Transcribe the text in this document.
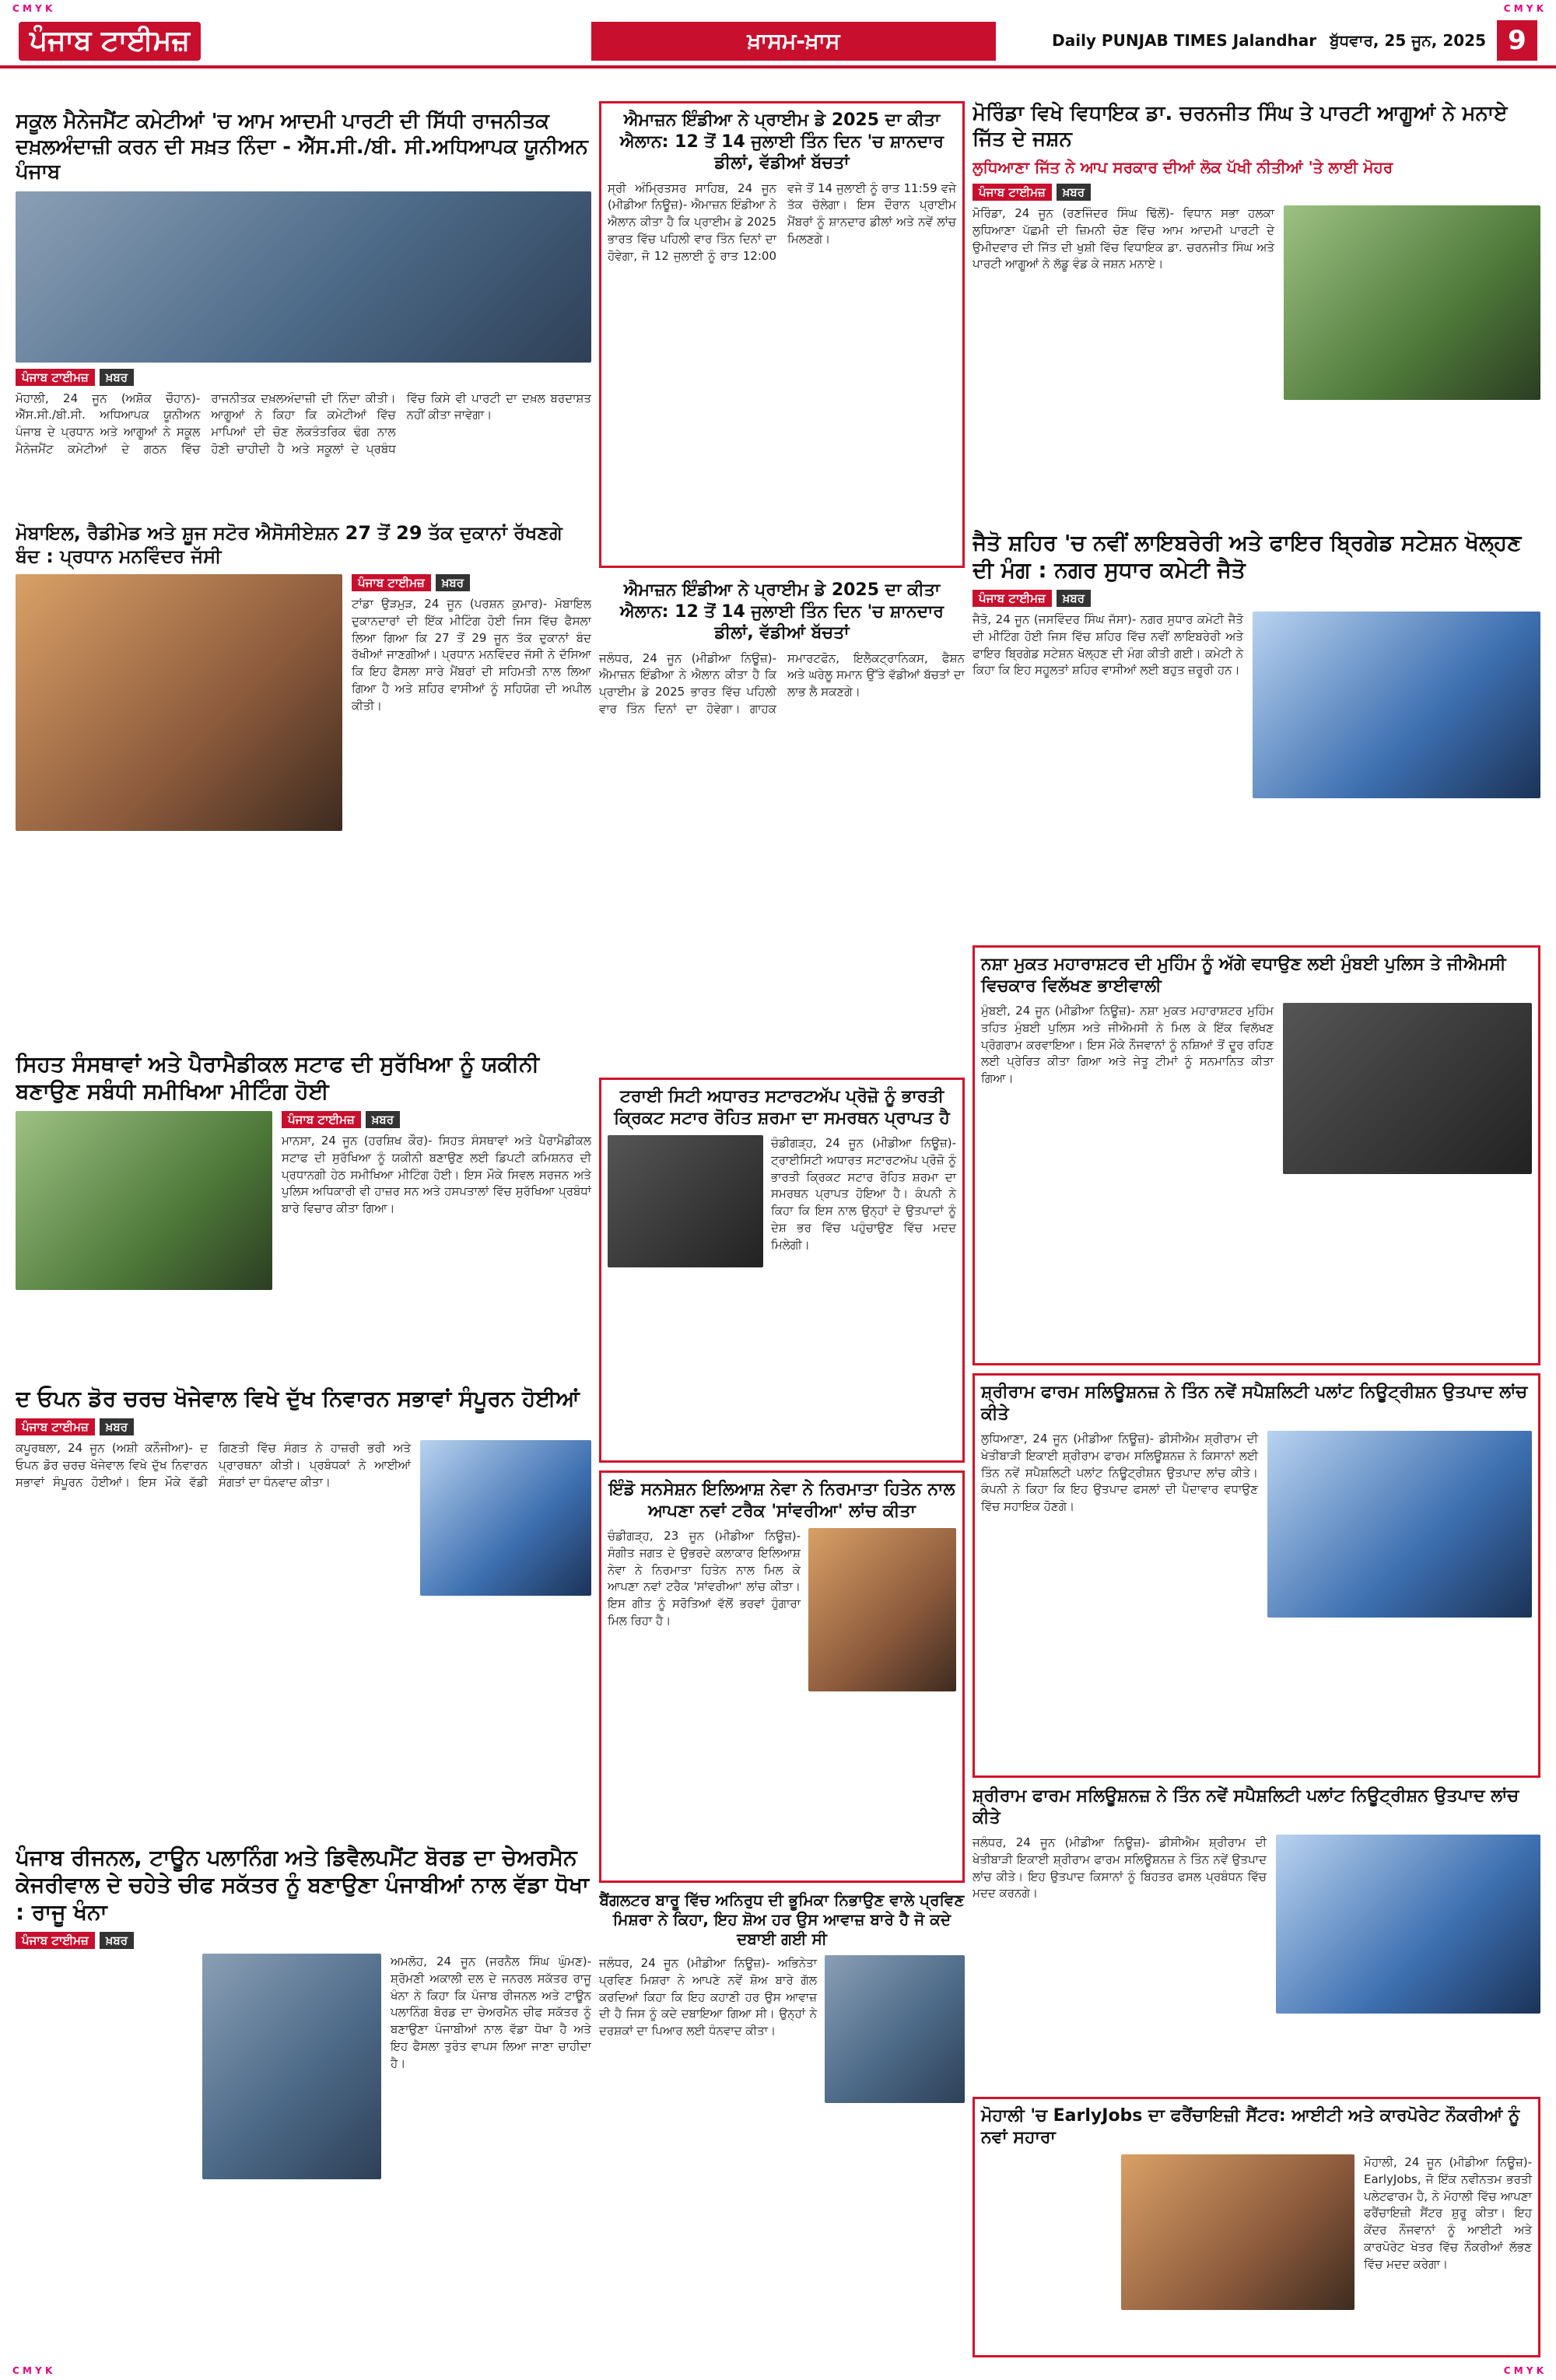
C M Y K	C M Y K
ਪੰਜਾਬ ਟਾਈਮਜ਼	ਖ਼ਾਸਮ-ਖ਼ਾਸ	Daily PUNJAB TIMES Jalandhar ਬੁੱਧਵਾਰ, 25 ਜੂਨ, 2025 9
ਸਕੂਲ ਮੈਨੇਜਮੈਂਟ ਕਮੇਟੀਆਂ 'ਚ ਆਮ ਆਦਮੀ ਪਾਰਟੀ ਦੀ ਸਿੱਧੀ ਰਾਜਨੀਤਕ ਦਖ਼ਲਅੰਦਾਜ਼ੀ ਕਰਨ ਦੀ ਸਖ਼ਤ ਨਿੰਦਾ - ਐੱਸ.ਸੀ./ਬੀ. ਸੀ.ਅਧਿਆਪਕ ਯੂਨੀਅਨ ਪੰਜਾਬ
ਪੰਜਾਬ ਟਾਈਮਜ਼ ਖ਼ਬਰ
ਮੋਹਾਲੀ, 24 ਜੂਨ (ਅਸ਼ੋਕ ਚੌਹਾਨ)- ਐੱਸ.ਸੀ./ਬੀ.ਸੀ. ਅਧਿਆਪਕ ਯੂਨੀਅਨ ਪੰਜਾਬ ਦੇ ਪ੍ਰਧਾਨ ਅਤੇ ਆਗੂਆਂ ਨੇ ਸਕੂਲ ਮੈਨੇਜਮੈਂਟ ਕਮੇਟੀਆਂ ਦੇ ਗਠਨ ਵਿੱਚ ਰਾਜਨੀਤਕ ਦਖ਼ਲਅੰਦਾਜ਼ੀ ਦੀ ਨਿੰਦਾ ਕੀਤੀ। ਆਗੂਆਂ ਨੇ ਕਿਹਾ ਕਿ ਕਮੇਟੀਆਂ ਵਿੱਚ ਮਾਪਿਆਂ ਦੀ ਚੋਣ ਲੋਕਤੰਤਰਿਕ ਢੰਗ ਨਾਲ ਹੋਣੀ ਚਾਹੀਦੀ ਹੈ ਅਤੇ ਸਕੂਲਾਂ ਦੇ ਪ੍ਰਬੰਧ ਵਿੱਚ ਕਿਸੇ ਵੀ ਪਾਰਟੀ ਦਾ ਦਖ਼ਲ ਬਰਦਾਸ਼ਤ ਨਹੀਂ ਕੀਤਾ ਜਾਵੇਗਾ।
ਮੋਬਾਇਲ, ਰੈਡੀਮੇਡ ਅਤੇ ਸ਼ੂਜ ਸਟੋਰ ਐਸੋਸੀਏਸ਼ਨ 27 ਤੋਂ 29 ਤੱਕ ਦੁਕਾਨਾਂ ਰੱਖਣਗੇ ਬੰਦ : ਪ੍ਰਧਾਨ ਮਨਵਿੰਦਰ ਜੱਸੀ
ਪੰਜਾਬ ਟਾਈਮਜ਼ ਖ਼ਬਰ
ਟਾਂਡਾ ਉੜਮੁੜ, 24 ਜੂਨ (ਪਰਸ਼ਨ ਕੁਮਾਰ)- ਮੋਬਾਇਲ ਦੁਕਾਨਦਾਰਾਂ ਦੀ ਇੱਕ ਮੀਟਿੰਗ ਹੋਈ ਜਿਸ ਵਿੱਚ ਫੈਸਲਾ ਲਿਆ ਗਿਆ ਕਿ 27 ਤੋਂ 29 ਜੂਨ ਤੱਕ ਦੁਕਾਨਾਂ ਬੰਦ ਰੱਖੀਆਂ ਜਾਣਗੀਆਂ। ਪ੍ਰਧਾਨ ਮਨਵਿੰਦਰ ਜੱਸੀ ਨੇ ਦੱਸਿਆ ਕਿ ਇਹ ਫੈਸਲਾ ਸਾਰੇ ਮੈਂਬਰਾਂ ਦੀ ਸਹਿਮਤੀ ਨਾਲ ਲਿਆ ਗਿਆ ਹੈ ਅਤੇ ਸ਼ਹਿਰ ਵਾਸੀਆਂ ਨੂੰ ਸਹਿਯੋਗ ਦੀ ਅਪੀਲ ਕੀਤੀ।
ਸਿਹਤ ਸੰਸਥਾਵਾਂ ਅਤੇ ਪੈਰਾਮੈਡੀਕਲ ਸਟਾਫ ਦੀ ਸੁਰੱਖਿਆ ਨੂੰ ਯਕੀਨੀ ਬਣਾਉਣ ਸਬੰਧੀ ਸਮੀਖਿਆ ਮੀਟਿੰਗ ਹੋਈ
ਪੰਜਾਬ ਟਾਈਮਜ਼ ਖ਼ਬਰ
ਮਾਨਸਾ, 24 ਜੂਨ (ਹਰਸ਼ਿਖ ਕੌਰ)- ਸਿਹਤ ਸੰਸਥਾਵਾਂ ਅਤੇ ਪੈਰਾਮੈਡੀਕਲ ਸਟਾਫ ਦੀ ਸੁਰੱਖਿਆ ਨੂੰ ਯਕੀਨੀ ਬਣਾਉਣ ਲਈ ਡਿਪਟੀ ਕਮਿਸ਼ਨਰ ਦੀ ਪ੍ਰਧਾਨਗੀ ਹੇਠ ਸਮੀਖਿਆ ਮੀਟਿੰਗ ਹੋਈ। ਇਸ ਮੌਕੇ ਸਿਵਲ ਸਰਜਨ ਅਤੇ ਪੁਲਿਸ ਅਧਿਕਾਰੀ ਵੀ ਹਾਜ਼ਰ ਸਨ ਅਤੇ ਹਸਪਤਾਲਾਂ ਵਿੱਚ ਸੁਰੱਖਿਆ ਪ੍ਰਬੰਧਾਂ ਬਾਰੇ ਵਿਚਾਰ ਕੀਤਾ ਗਿਆ।
ਦ ਓਪਨ ਡੋਰ ਚਰਚ ਖੋਜੇਵਾਲ ਵਿਖੇ ਦੁੱਖ ਨਿਵਾਰਨ ਸਭਾਵਾਂ ਸੰਪੂਰਨ ਹੋਈਆਂ
ਪੰਜਾਬ ਟਾਈਮਜ਼ ਖ਼ਬਰ
ਕਪੂਰਥਲਾ, 24 ਜੂਨ (ਅਸ਼ੀ ਕਨੌਜੀਆ)- ਦ ਓਪਨ ਡੋਰ ਚਰਚ ਖੋਜੇਵਾਲ ਵਿਖੇ ਦੁੱਖ ਨਿਵਾਰਨ ਸਭਾਵਾਂ ਸੰਪੂਰਨ ਹੋਈਆਂ। ਇਸ ਮੌਕੇ ਵੱਡੀ ਗਿਣਤੀ ਵਿੱਚ ਸੰਗਤ ਨੇ ਹਾਜ਼ਰੀ ਭਰੀ ਅਤੇ ਪ੍ਰਾਰਥਨਾ ਕੀਤੀ। ਪ੍ਰਬੰਧਕਾਂ ਨੇ ਆਈਆਂ ਸੰਗਤਾਂ ਦਾ ਧੰਨਵਾਦ ਕੀਤਾ।
ਪੰਜਾਬ ਰੀਜਨਲ, ਟਾਊਨ ਪਲਾਨਿੰਗ ਅਤੇ ਡਿਵੈਲਪਮੈਂਟ ਬੋਰਡ ਦਾ ਚੇਅਰਮੈਨ ਕੇਜਰੀਵਾਲ ਦੇ ਚਹੇਤੇ ਚੀਫ ਸਕੱਤਰ ਨੂੰ ਬਣਾਉਣਾ ਪੰਜਾਬੀਆਂ ਨਾਲ ਵੱਡਾ ਧੋਖਾ : ਰਾਜੂ ਖੰਨਾ
ਪੰਜਾਬ ਟਾਈਮਜ਼ ਖ਼ਬਰ
ਅਮਲੋਹ, 24 ਜੂਨ (ਜਰਨੈਲ ਸਿੰਘ ਘੁੰਮਣ)- ਸ਼੍ਰੋਮਣੀ ਅਕਾਲੀ ਦਲ ਦੇ ਜਨਰਲ ਸਕੱਤਰ ਰਾਜੂ ਖੰਨਾ ਨੇ ਕਿਹਾ ਕਿ ਪੰਜਾਬ ਰੀਜਨਲ ਅਤੇ ਟਾਊਨ ਪਲਾਨਿੰਗ ਬੋਰਡ ਦਾ ਚੇਅਰਮੈਨ ਚੀਫ ਸਕੱਤਰ ਨੂੰ ਬਣਾਉਣਾ ਪੰਜਾਬੀਆਂ ਨਾਲ ਵੱਡਾ ਧੋਖਾ ਹੈ ਅਤੇ ਇਹ ਫੈਸਲਾ ਤੁਰੰਤ ਵਾਪਸ ਲਿਆ ਜਾਣਾ ਚਾਹੀਦਾ ਹੈ।
ਐਮਾਜ਼ਨ ਇੰਡੀਆ ਨੇ ਪ੍ਰਾਈਮ ਡੇ 2025 ਦਾ ਕੀਤਾ ਐਲਾਨ: 12 ਤੋਂ 14 ਜੁਲਾਈ ਤਿੰਨ ਦਿਨ 'ਚ ਸ਼ਾਨਦਾਰ ਡੀਲਾਂ, ਵੱਡੀਆਂ ਬੱਚਤਾਂ
ਸ੍ਰੀ ਅੰਮ੍ਰਿਤਸਰ ਸਾਹਿਬ, 24 ਜੂਨ (ਮੀਡੀਆ ਨਿਊਜ਼)- ਐਮਾਜ਼ਨ ਇੰਡੀਆ ਨੇ ਐਲਾਨ ਕੀਤਾ ਹੈ ਕਿ ਪ੍ਰਾਈਮ ਡੇ 2025 ਭਾਰਤ ਵਿੱਚ ਪਹਿਲੀ ਵਾਰ ਤਿੰਨ ਦਿਨਾਂ ਦਾ ਹੋਵੇਗਾ, ਜੋ 12 ਜੁਲਾਈ ਨੂੰ ਰਾਤ 12:00 ਵਜੇ ਤੋਂ 14 ਜੁਲਾਈ ਨੂੰ ਰਾਤ 11:59 ਵਜੇ ਤੱਕ ਚੱਲੇਗਾ। ਇਸ ਦੌਰਾਨ ਪ੍ਰਾਈਮ ਮੈਂਬਰਾਂ ਨੂੰ ਸ਼ਾਨਦਾਰ ਡੀਲਾਂ ਅਤੇ ਨਵੇਂ ਲਾਂਚ ਮਿਲਣਗੇ।
ਐਮਾਜ਼ਨ ਇੰਡੀਆ ਨੇ ਪ੍ਰਾਈਮ ਡੇ 2025 ਦਾ ਕੀਤਾ ਐਲਾਨ: 12 ਤੋਂ 14 ਜੁਲਾਈ ਤਿੰਨ ਦਿਨ 'ਚ ਸ਼ਾਨਦਾਰ ਡੀਲਾਂ, ਵੱਡੀਆਂ ਬੱਚਤਾਂ
ਜਲੰਧਰ, 24 ਜੂਨ (ਮੀਡੀਆ ਨਿਊਜ਼)- ਐਮਾਜ਼ਨ ਇੰਡੀਆ ਨੇ ਐਲਾਨ ਕੀਤਾ ਹੈ ਕਿ ਪ੍ਰਾਈਮ ਡੇ 2025 ਭਾਰਤ ਵਿੱਚ ਪਹਿਲੀ ਵਾਰ ਤਿੰਨ ਦਿਨਾਂ ਦਾ ਹੋਵੇਗਾ। ਗਾਹਕ ਸਮਾਰਟਫੋਨ, ਇਲੈਕਟ੍ਰਾਨਿਕਸ, ਫੈਸ਼ਨ ਅਤੇ ਘਰੇਲੂ ਸਮਾਨ ਉੱਤੇ ਵੱਡੀਆਂ ਬੱਚਤਾਂ ਦਾ ਲਾਭ ਲੈ ਸਕਣਗੇ।
ਟਰਾਈ ਸਿਟੀ ਅਧਾਰਤ ਸਟਾਰਟਅੱਪ ਪ੍ਰੋਜ਼ੋ ਨੂੰ ਭਾਰਤੀ ਕ੍ਰਿਕਟ ਸਟਾਰ ਰੋਹਿਤ ਸ਼ਰਮਾ ਦਾ ਸਮਰਥਨ ਪ੍ਰਾਪਤ ਹੈ
ਚੰਡੀਗੜ੍ਹ, 24 ਜੂਨ (ਮੀਡੀਆ ਨਿਊਜ਼)- ਟ੍ਰਾਈਸਿਟੀ ਅਧਾਰਤ ਸਟਾਰਟਅੱਪ ਪ੍ਰੋਜ਼ੋ ਨੂੰ ਭਾਰਤੀ ਕ੍ਰਿਕਟ ਸਟਾਰ ਰੋਹਿਤ ਸ਼ਰਮਾ ਦਾ ਸਮਰਥਨ ਪ੍ਰਾਪਤ ਹੋਇਆ ਹੈ। ਕੰਪਨੀ ਨੇ ਕਿਹਾ ਕਿ ਇਸ ਨਾਲ ਉਨ੍ਹਾਂ ਦੇ ਉਤਪਾਦਾਂ ਨੂੰ ਦੇਸ਼ ਭਰ ਵਿੱਚ ਪਹੁੰਚਾਉਣ ਵਿੱਚ ਮਦਦ ਮਿਲੇਗੀ।
ਇੰਡੋ ਸਨਸੇਸ਼ਨ ਇਲਿਆਸ਼ ਨੇਵਾ ਨੇ ਨਿਰਮਾਤਾ ਹਿਤੇਨ ਨਾਲ ਆਪਣਾ ਨਵਾਂ ਟਰੈਕ 'ਸਾਂਵਰੀਆ' ਲਾਂਚ ਕੀਤਾ
ਚੰਡੀਗੜ੍ਹ, 23 ਜੂਨ (ਮੀਡੀਆ ਨਿਊਜ਼)- ਸੰਗੀਤ ਜਗਤ ਦੇ ਉਭਰਦੇ ਕਲਾਕਾਰ ਇਲਿਆਸ਼ ਨੇਵਾ ਨੇ ਨਿਰਮਾਤਾ ਹਿਤੇਨ ਨਾਲ ਮਿਲ ਕੇ ਆਪਣਾ ਨਵਾਂ ਟਰੈਕ 'ਸਾਂਵਰੀਆ' ਲਾਂਚ ਕੀਤਾ। ਇਸ ਗੀਤ ਨੂੰ ਸਰੋਤਿਆਂ ਵੱਲੋਂ ਭਰਵਾਂ ਹੁੰਗਾਰਾ ਮਿਲ ਰਿਹਾ ਹੈ।
ਬੈਂਗਲਟਰ ਬਾਰੂ ਵਿੱਚ ਅਨਿਰੁਧ ਦੀ ਭੂਮਿਕਾ ਨਿਭਾਉਣ ਵਾਲੇ ਪ੍ਰਵਿਣ ਮਿਸ਼ਰਾ ਨੇ ਕਿਹਾ, ਇਹ ਸ਼ੋਅ ਹਰ ਉਸ ਆਵਾਜ਼ ਬਾਰੇ ਹੈ ਜੋ ਕਦੇ ਦਬਾਈ ਗਈ ਸੀ
ਜਲੰਧਰ, 24 ਜੂਨ (ਮੀਡੀਆ ਨਿਊਜ਼)- ਅਭਿਨੇਤਾ ਪ੍ਰਵਿਣ ਮਿਸ਼ਰਾ ਨੇ ਆਪਣੇ ਨਵੇਂ ਸ਼ੋਅ ਬਾਰੇ ਗੱਲ ਕਰਦਿਆਂ ਕਿਹਾ ਕਿ ਇਹ ਕਹਾਣੀ ਹਰ ਉਸ ਆਵਾਜ਼ ਦੀ ਹੈ ਜਿਸ ਨੂੰ ਕਦੇ ਦਬਾਇਆ ਗਿਆ ਸੀ। ਉਨ੍ਹਾਂ ਨੇ ਦਰਸ਼ਕਾਂ ਦਾ ਪਿਆਰ ਲਈ ਧੰਨਵਾਦ ਕੀਤਾ।
ਮੋਰਿੰਡਾ ਵਿਖੇ ਵਿਧਾਇਕ ਡਾ. ਚਰਨਜੀਤ ਸਿੰਘ ਤੇ ਪਾਰਟੀ ਆਗੂਆਂ ਨੇ ਮਨਾਏ ਜਿੱਤ ਦੇ ਜਸ਼ਨ
ਲੁਧਿਆਣਾ ਜਿੱਤ ਨੇ ਆਪ ਸਰਕਾਰ ਦੀਆਂ ਲੋਕ ਪੱਖੀ ਨੀਤੀਆਂ 'ਤੇ ਲਾਈ ਮੋਹਰ
ਪੰਜਾਬ ਟਾਈਮਜ਼ ਖ਼ਬਰ
ਮੋਰਿੰਡਾ, 24 ਜੂਨ (ਰਣਜਿੰਦਰ ਸਿੰਘ ਢਿੱਲੋਂ)- ਵਿਧਾਨ ਸਭਾ ਹਲਕਾ ਲੁਧਿਆਣਾ ਪੱਛਮੀ ਦੀ ਜ਼ਿਮਨੀ ਚੋਣ ਵਿੱਚ ਆਮ ਆਦਮੀ ਪਾਰਟੀ ਦੇ ਉਮੀਦਵਾਰ ਦੀ ਜਿੱਤ ਦੀ ਖੁਸ਼ੀ ਵਿੱਚ ਵਿਧਾਇਕ ਡਾ. ਚਰਨਜੀਤ ਸਿੰਘ ਅਤੇ ਪਾਰਟੀ ਆਗੂਆਂ ਨੇ ਲੱਡੂ ਵੰਡ ਕੇ ਜਸ਼ਨ ਮਨਾਏ।
ਜੈਤੋ ਸ਼ਹਿਰ 'ਚ ਨਵੀਂ ਲਾਇਬਰੇਰੀ ਅਤੇ ਫਾਇਰ ਬ੍ਰਿਗੇਡ ਸਟੇਸ਼ਨ ਖੋਲ੍ਹਣ ਦੀ ਮੰਗ : ਨਗਰ ਸੁਧਾਰ ਕਮੇਟੀ ਜੈਤੋ
ਪੰਜਾਬ ਟਾਈਮਜ਼ ਖ਼ਬਰ
ਜੈਤੋ, 24 ਜੂਨ (ਜਸਵਿੰਦਰ ਸਿੰਘ ਜੱਸਾ)- ਨਗਰ ਸੁਧਾਰ ਕਮੇਟੀ ਜੈਤੋ ਦੀ ਮੀਟਿੰਗ ਹੋਈ ਜਿਸ ਵਿੱਚ ਸ਼ਹਿਰ ਵਿੱਚ ਨਵੀਂ ਲਾਇਬਰੇਰੀ ਅਤੇ ਫਾਇਰ ਬ੍ਰਿਗੇਡ ਸਟੇਸ਼ਨ ਖੋਲ੍ਹਣ ਦੀ ਮੰਗ ਕੀਤੀ ਗਈ। ਕਮੇਟੀ ਨੇ ਕਿਹਾ ਕਿ ਇਹ ਸਹੂਲਤਾਂ ਸ਼ਹਿਰ ਵਾਸੀਆਂ ਲਈ ਬਹੁਤ ਜ਼ਰੂਰੀ ਹਨ।
ਨਸ਼ਾ ਮੁਕਤ ਮਹਾਰਾਸ਼ਟਰ ਦੀ ਮੁਹਿੰਮ ਨੂੰ ਅੱਗੇ ਵਧਾਉਣ ਲਈ ਮੁੰਬਈ ਪੁਲਿਸ ਤੇ ਜੀਐਮਸੀ ਵਿਚਕਾਰ ਵਿਲੱਖਣ ਭਾਈਵਾਲੀ
ਮੁੰਬਈ, 24 ਜੂਨ (ਮੀਡੀਆ ਨਿਊਜ਼)- ਨਸ਼ਾ ਮੁਕਤ ਮਹਾਰਾਸ਼ਟਰ ਮੁਹਿੰਮ ਤਹਿਤ ਮੁੰਬਈ ਪੁਲਿਸ ਅਤੇ ਜੀਐਮਸੀ ਨੇ ਮਿਲ ਕੇ ਇੱਕ ਵਿਲੱਖਣ ਪ੍ਰੋਗਰਾਮ ਕਰਵਾਇਆ। ਇਸ ਮੌਕੇ ਨੌਜਵਾਨਾਂ ਨੂੰ ਨਸ਼ਿਆਂ ਤੋਂ ਦੂਰ ਰਹਿਣ ਲਈ ਪ੍ਰੇਰਿਤ ਕੀਤਾ ਗਿਆ ਅਤੇ ਜੇਤੂ ਟੀਮਾਂ ਨੂੰ ਸਨਮਾਨਿਤ ਕੀਤਾ ਗਿਆ।
ਸ਼੍ਰੀਰਾਮ ਫਾਰਮ ਸਲਿਊਸ਼ਨਜ਼ ਨੇ ਤਿੰਨ ਨਵੇਂ ਸਪੈਸ਼ਲਿਟੀ ਪਲਾਂਟ ਨਿਊਟ੍ਰੀਸ਼ਨ ਉਤਪਾਦ ਲਾਂਚ ਕੀਤੇ
ਲੁਧਿਆਣਾ, 24 ਜੂਨ (ਮੀਡੀਆ ਨਿਊਜ਼)- ਡੀਸੀਐਮ ਸ਼੍ਰੀਰਾਮ ਦੀ ਖੇਤੀਬਾੜੀ ਇਕਾਈ ਸ਼੍ਰੀਰਾਮ ਫਾਰਮ ਸਲਿਊਸ਼ਨਜ਼ ਨੇ ਕਿਸਾਨਾਂ ਲਈ ਤਿੰਨ ਨਵੇਂ ਸਪੈਸ਼ਲਿਟੀ ਪਲਾਂਟ ਨਿਊਟ੍ਰੀਸ਼ਨ ਉਤਪਾਦ ਲਾਂਚ ਕੀਤੇ। ਕੰਪਨੀ ਨੇ ਕਿਹਾ ਕਿ ਇਹ ਉਤਪਾਦ ਫਸਲਾਂ ਦੀ ਪੈਦਾਵਾਰ ਵਧਾਉਣ ਵਿੱਚ ਸਹਾਇਕ ਹੋਣਗੇ।
ਸ਼੍ਰੀਰਾਮ ਫਾਰਮ ਸਲਿਊਸ਼ਨਜ਼ ਨੇ ਤਿੰਨ ਨਵੇਂ ਸਪੈਸ਼ਲਿਟੀ ਪਲਾਂਟ ਨਿਊਟ੍ਰੀਸ਼ਨ ਉਤਪਾਦ ਲਾਂਚ ਕੀਤੇ
ਜਲੰਧਰ, 24 ਜੂਨ (ਮੀਡੀਆ ਨਿਊਜ਼)- ਡੀਸੀਐਮ ਸ਼੍ਰੀਰਾਮ ਦੀ ਖੇਤੀਬਾੜੀ ਇਕਾਈ ਸ਼੍ਰੀਰਾਮ ਫਾਰਮ ਸਲਿਊਸ਼ਨਜ਼ ਨੇ ਤਿੰਨ ਨਵੇਂ ਉਤਪਾਦ ਲਾਂਚ ਕੀਤੇ। ਇਹ ਉਤਪਾਦ ਕਿਸਾਨਾਂ ਨੂੰ ਬਿਹਤਰ ਫਸਲ ਪ੍ਰਬੰਧਨ ਵਿੱਚ ਮਦਦ ਕਰਨਗੇ।
ਮੋਹਾਲੀ 'ਚ EarlyJobs ਦਾ ਫਰੈਂਚਾਇਜ਼ੀ ਸੈਂਟਰ: ਆਈਟੀ ਅਤੇ ਕਾਰਪੋਰੇਟ ਨੌਕਰੀਆਂ ਨੂੰ ਨਵਾਂ ਸਹਾਰਾ
ਮੋਹਾਲੀ, 24 ਜੂਨ (ਮੀਡੀਆ ਨਿਊਜ਼)- EarlyJobs, ਜੋ ਇੱਕ ਨਵੀਨਤਮ ਭਰਤੀ ਪਲੇਟਫਾਰਮ ਹੈ, ਨੇ ਮੋਹਾਲੀ ਵਿੱਚ ਆਪਣਾ ਫਰੈਂਚਾਇਜ਼ੀ ਸੈਂਟਰ ਸ਼ੁਰੂ ਕੀਤਾ। ਇਹ ਕੇਂਦਰ ਨੌਜਵਾਨਾਂ ਨੂੰ ਆਈਟੀ ਅਤੇ ਕਾਰਪੋਰੇਟ ਖੇਤਰ ਵਿੱਚ ਨੌਕਰੀਆਂ ਲੱਭਣ ਵਿੱਚ ਮਦਦ ਕਰੇਗਾ।
C M Y K	C M Y K
